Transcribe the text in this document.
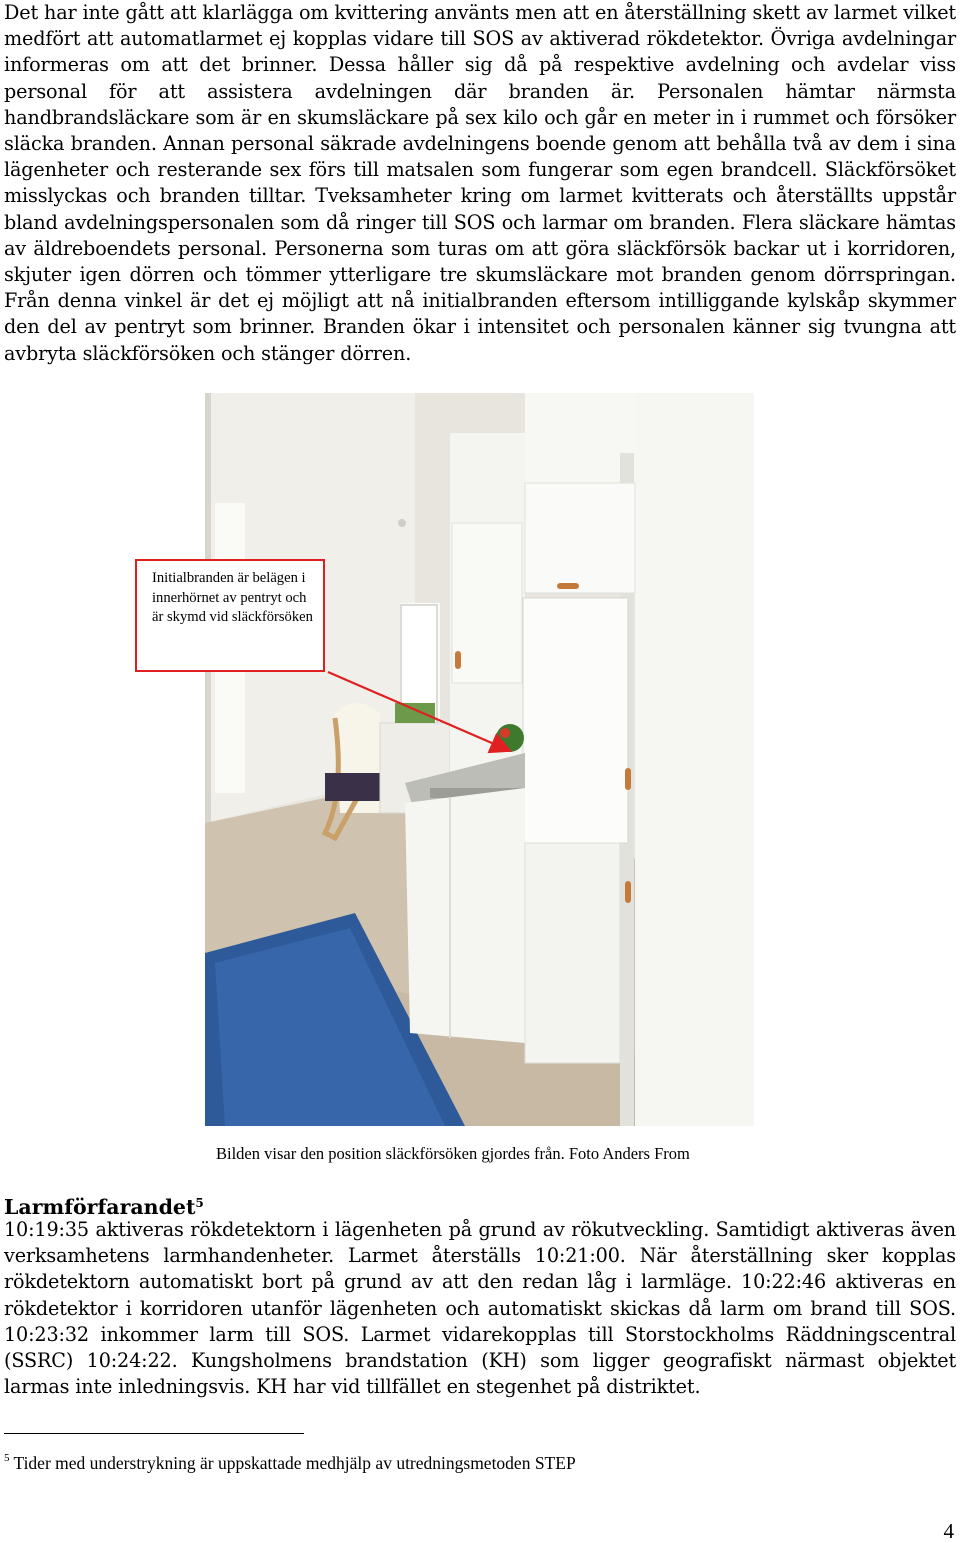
Det har inte gått att klarlägga om kvittering använts men att en återställning skett av larmet vilket medfört att automatlarmet ej kopplas vidare till SOS av aktiverad rökdetektor. Övriga avdelningar informeras om att det brinner. Dessa håller sig då på respektive avdelning och avdelar viss personal för att assistera avdelningen där branden är. Personalen hämtar närmsta handbrandsläckare som är en skumsläckare på sex kilo och går en meter in i rummet och försöker släcka branden. Annan personal säkrade avdelningens boende genom att behålla två av dem i sina lägenheter och resterande sex förs till matsalen som fungerar som egen brandcell. Släckförsöket misslyckas och branden tilltar. Tveksamheter kring om larmet kvitterats och återställts uppstår bland avdelningspersonalen som då ringer till SOS och larmar om branden. Flera släckare hämtas av äldreboendets personal. Personerna som turas om att göra släckförsök backar ut i korridoren, skjuter igen dörren och tömmer ytterligare tre skumsläckare mot branden genom dörrspringan. Från denna vinkel är det ej möjligt att nå initialbranden eftersom intilliggande kylskåp skymmer den del av pentryt som brinner. Branden ökar i intensitet och personalen känner sig tvungna att avbryta släckförsöken och stänger dörren.

Initialbranden är belägen i innerhörnet av pentryt och är skymd vid släckförsöken
Bilden visar den position släckförsöken gjordes från. Foto Anders From
Larmförfarandet$^5$

10:19:35 aktiveras rökdetektorn i lägenheten på grund av rökutveckling. Samtidigt aktiveras även verksamhetens larmhandenheter. Larmet återställs 10:21:00. När återställning sker kopplas rökdetektorn automatiskt bort på grund av att den redan låg i larmläge. 10:22:46 aktiveras en rökdetektor i korridoren utanför lägenheten och automatiskt skickas då larm om brand till SOS. 10:23:32 inkommer larm till SOS. Larmet vidarekopplas till Storstockholms Räddningscentral (SSRC) 10:24:22. Kungsholmens brandstation (KH) som ligger geografiskt närmast objektet larmas inte inledningsvis. KH har vid tillfället en stegenhet på distriktet.

$^5$ Tider med understrykning är uppskattade medhjälp av utredningsmetoden STEP
4
